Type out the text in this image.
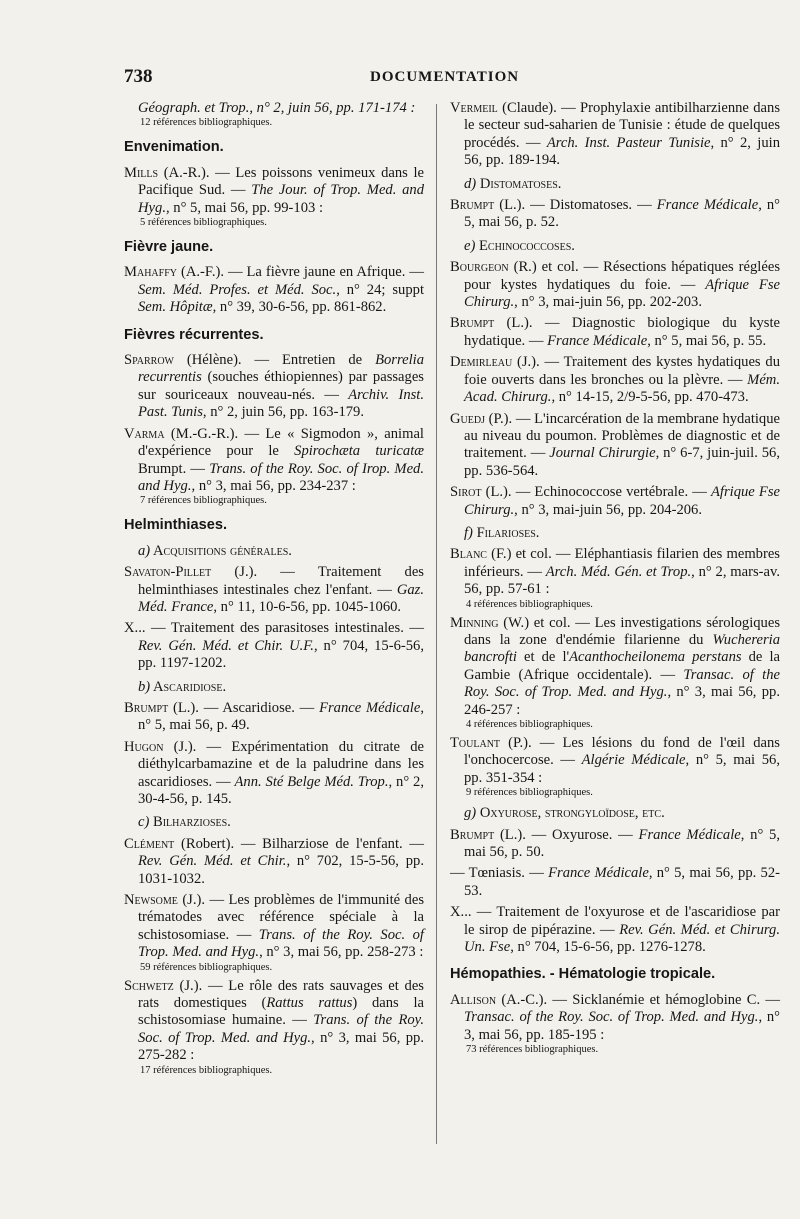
738	DOCUMENTATION

Géograph. et Trop., n° 2, juin 56, pp. 171-174 :
12 références bibliographiques.

Envenimation.

Mills (A.-R.). — Les poissons venimeux dans le Pacifique Sud. — The Jour. of Trop. Med. and Hyg., n° 5, mai 56, pp. 99-103 :
5 références bibliographiques.

Fièvre jaune.

Mahaffy (A.-F.). — La fièvre jaune en Afrique. — Sem. Méd. Profes. et Méd. Soc., n° 24; suppt Sem. Hôpitæ, n° 39, 30-6-56, pp. 861-862.

Fièvres récurrentes.

Sparrow (Hélène). — Entretien de Borrelia recurrentis (souches éthiopiennes) par passages sur souriceaux nouveau-nés. — Archiv. Inst. Past. Tunis, n° 2, juin 56, pp. 163-179.

Varma (M.-G.-R.). — Le « Sigmodon », animal d'expérience pour le Spirochæta turicatæ Brumpt. — Trans. of the Roy. Soc. of Irop. Med. and Hyg., n° 3, mai 56, pp. 234-237 :
7 références bibliographiques.

Helminthiases.
a) Acquisitions générales.

Savaton-Pillet (J.). — Traitement des helminthiases intestinales chez l'enfant. — Gaz. Méd. France, n° 11, 10-6-56, pp. 1045-1060.

X... — Traitement des parasitoses intestinales. — Rev. Gén. Méd. et Chir. U.F., n° 704, 15-6-56, pp. 1197-1202.

b) Ascaridiose.

Brumpt (L.). — Ascaridiose. — France Médicale, n° 5, mai 56, p. 49.

Hugon (J.). — Expérimentation du citrate de diéthylcarbamazine et de la paludrine dans les ascaridioses. — Ann. Sté Belge Méd. Trop., n° 2, 30-4-56, p. 145.

c) Bilharzioses.

Clément (Robert). — Bilharziose de l'enfant. — Rev. Gén. Méd. et Chir., n° 702, 15-5-56, pp. 1031-1032.

Newsome (J.). — Les problèmes de l'immunité des trématodes avec référence spéciale à la schistosomiase. — Trans. of the Roy. Soc. of Trop. Med. and Hyg., n° 3, mai 56, pp. 258-273 :
59 références bibliographiques.

Schwetz (J.). — Le rôle des rats sauvages et des rats domestiques (Rattus rattus) dans la schistosomiase humaine. — Trans. of the Roy. Soc. of Trop. Med. and Hyg., n° 3, mai 56, pp. 275-282 :
17 références bibliographiques.

Vermeil (Claude). — Prophylaxie antibilharzienne dans le secteur sud-saharien de Tunisie : étude de quelques procédés. — Arch. Inst. Pasteur Tunisie, n° 2, juin 56, pp. 189-194.

d) Distomatoses.

Brumpt (L.). — Distomatoses. — France Médicale, n° 5, mai 56, p. 52.

e) Echinococcoses.

Bourgeon (R.) et col. — Résections hépatiques réglées pour kystes hydatiques du foie. — Afrique Fse Chirurg., n° 3, mai-juin 56, pp. 202-203.

Brumpt (L.). — Diagnostic biologique du kyste hydatique. — France Médicale, n° 5, mai 56, p. 55.

Demirleau (J.). — Traitement des kystes hydatiques du foie ouverts dans les bronches ou la plèvre. — Mém. Acad. Chirurg., n° 14-15, 2/9-5-56, pp. 470-473.

Guedj (P.). — L'incarcération de la membrane hydatique au niveau du poumon. Problèmes de diagnostic et de traitement. — Journal Chirurgie, n° 6-7, juin-juil. 56, pp. 536-564.

Sirot (L.). — Echinococcose vertébrale. — Afrique Fse Chirurg., n° 3, mai-juin 56, pp. 204-206.

f) Filarioses.

Blanc (F.) et col. — Eléphantiasis filarien des membres inférieurs. — Arch. Méd. Gén. et Trop., n° 2, mars-av. 56, pp. 57-61 :
4 références bibliographiques.

Minning (W.) et col. — Les investigations sérologiques dans la zone d'endémie filarienne du Wuchereria bancrofti et de l'Acanthocheilonema perstans de la Gambie (Afrique occidentale). — Transac. of the Roy. Soc. of Trop. Med. and Hyg., n° 3, mai 56, pp. 246-257 :
4 références bibliographiques.

Toulant (P.). — Les lésions du fond de l'œil dans l'onchocercose. — Algérie Médicale, n° 5, mai 56, pp. 351-354 :
9 références bibliographiques.

g) Oxyurose, strongyloïdose, etc.

Brumpt (L.). — Oxyurose. — France Médicale, n° 5, mai 56, p. 50.

— Tœniasis. — France Médicale, n° 5, mai 56, pp. 52-53.

X... — Traitement de l'oxyurose et de l'ascaridiose par le sirop de pipérazine. — Rev. Gén. Méd. et Chirurg. Un. Fse, n° 704, 15-6-56, pp. 1276-1278.

Hémopathies. - Hématologie tropicale.

Allison (A.-C.). — Sicklanémie et hémoglobine C. — Transac. of the Roy. Soc. of Trop. Med. and Hyg., n° 3, mai 56, pp. 185-195 :
73 références bibliographiques.
